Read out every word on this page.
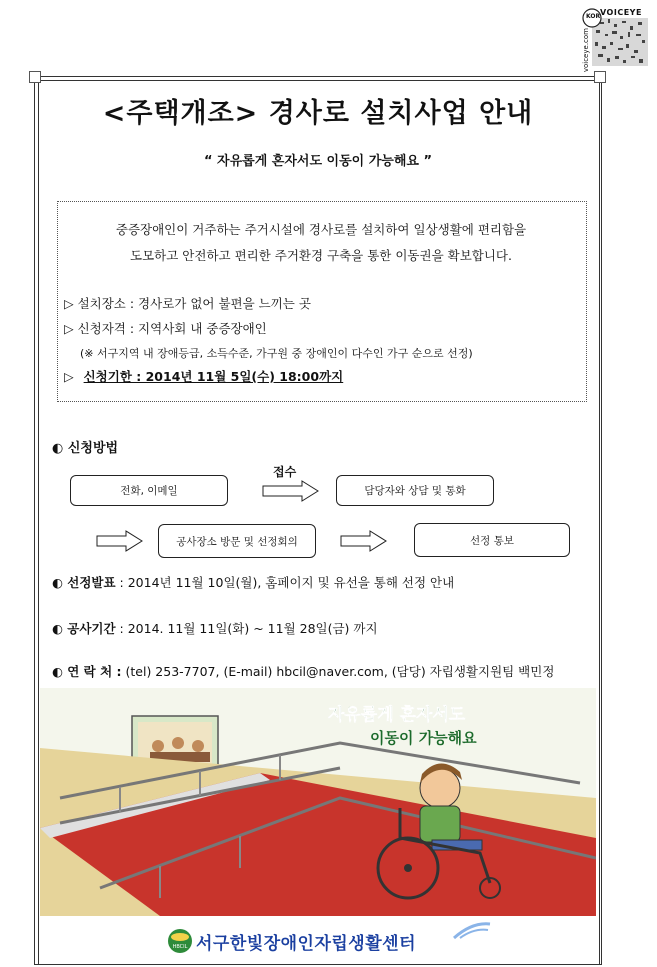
KOR VOICEYE
voiceye.com
<주택개조> 경사로 설치사업 안내
“ 자유롭게 혼자서도 이동이 가능해요 ”
중증장애인이 거주하는 주거시설에 경사로를 설치하여 일상생활에 편리함을
도모하고 안전하고 편리한 주거환경 구축을 통한 이동권을 확보합니다.
▷ 설치장소 : 경사로가 없어 불편을 느끼는 곳
▷ 신청자격 : 지역사회 내 중증장애인
(※ 서구지역 내 장애등급, 소득수준, 가구원 중 장애인이 다수인 가구 순으로 선정)
▷ 신청기한 : 2014년 11월 5일(수) 18:00까지
◐ 신청방법
전화, 이메일
접수
담당자와 상담 및 통화
공사장소 방문 및 선정회의	선정 통보
◐ 선정발표 : 2014년 11월 10일(월), 홈페이지 및 유선을 통해 선정 안내
◐ 공사기간 : 2014. 11월 11일(화) ~ 11월 28일(금) 까지
◐ 연 락 처 : (tel) 253-7707, (E-mail) hbcil@naver.com, (담당) 자립생활지원팀 백민정
자유롭게 혼자서도
이동이 가능해요
HBCIL 서구한빛장애인자립생활센터
